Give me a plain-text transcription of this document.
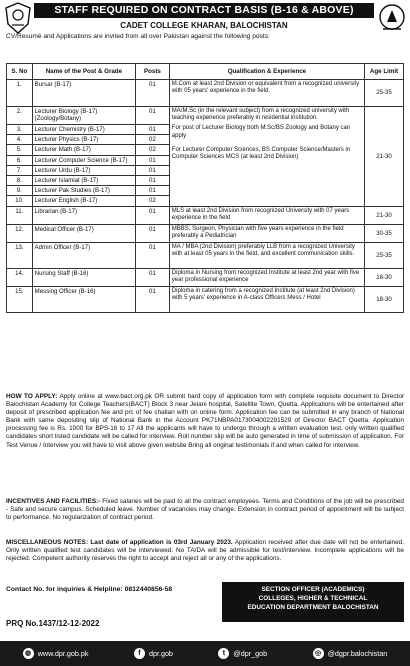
STAFF REQUIRED ON CONTRACT BASIS (B-16 & ABOVE)
CADET COLLEGE KHARAN, BALOCHISTAN
CV/Resumé and Applications are invited from all over Pakistan against the following posts:
S. No	Name of the Post & Grade	Posts	Qualification & Experience	Age Limit
1.	Bursar (B-17)	01	M.Com at least 2nd Division or equivalent from a recognized university with 05 years' experience in the field.	25-35
2.	Lecturer Biology (B-17) (Zoology/Botany)	01	MA/M.Sc (in the relevant subject) from a recognized university with teaching experience preferably in residential institution.
For post of Lecturer Biology both M.Sc/BS Zoology and Botany can apply
For Lecturer Computer Sciences, BS Computer Science/Masters in Computer Sciences MCS (at least 2nd Division)	21-30
3.	Lecturer Chemistry (B-17)	01		
4.	Lecturer Physics (B-17)	02		
5.	Lecturer Math (B-17)	02		
6.	Lecturer Computer Science (B-17)	01		
7.	Lecturer Urdu (B-17)	01		
8.	Lecturer Islamiat (B-17)	01		
9.	Lecturer Pak Studies (B-17)	01		
10.	Lecturer English (B-17)	02		
11.	Librarian (B-17)	01	MLS at least 2nd Division from recognized University with 07 years experience in the field	21-30
12.	Medical Officer (B-17)	01	MBBS, Surgeon, Physician with five years experience in the field preferably a Pediatrician	30-35
13.	Admin Officer (B-17)	01	MA / MBA (2nd Division) preferably LLB from a recognized University with at least 05 years in the field, and excellent communication skills.	25-35
14.	Nursing Staff (B-16)	01	Diploma in Nursing from recognized Institute at least 2nd year with five year professional experience	18-30
15.	Messing Officer (B-16)	01	Diploma in catering from a recognized Institute (at least 2nd Division) with 5 years' experience in A-class Officers Mess / Hotel	18-30
HOW TO APPLY: Apply online at www.bact.org.pk OR submit hard copy of application form with complete requisite document to Director Balochistan Academy for College Teachers(BACT) Block 3 near Jelani hospital, Satellite Town, Quetta. Applications will be entertained after deposit of prescribed application fee and p/c of fee challan with on online form. Application fee can be submitted in any branch of National Bank with same depositing slip of National Bank in the Account PK71NBPA0173004002291529 of Director BACT Quetta. Application processing fee is Rs. 1000 for BPS-16 to 17 All the applicants will have to undergo through a written evaluation test, only written qualified candidates short listed candidate will be called for interview. Roll number slip will be auto generated in time of submission of application. For Test Venue / Interview you will have to visit above given website Bring all original testimonials if and when called for interview.
INCENTIVES AND FACILITIES:- Fixed salaries will be paid to all the contract employees. Terms and Conditions of the job will be prescribed - Safe and secure campus. Scheduled leave. Number of vacancies may change. Extension in contract period of appointment will be subject to performance. No regularization of contract period.
MISCELLANEOUS NOTES: Last date of application is 03rd January 2023. Application received after due date will not be entertained. Only written qualified test candidates will be interviewed. No TA/DA will be admissible for test/interview. Incomplete applications will be rejected. Competent authority reserves the right to accept and reject all or any of the applications.
Contact No. for inquiries & Helpline: 0812440856-58	SECTION OFFICER (ACADEMICS)
COLLEGES, HIGHER & TECHNICAL
EDUCATION DEPARTMENT BALOCHISTAN
PRQ No.1437/12-12-2022
◍ www.dpr.gob.pk	f	dpr.gob	t	@dpr_gob	◎ @dgpr.balochistan
